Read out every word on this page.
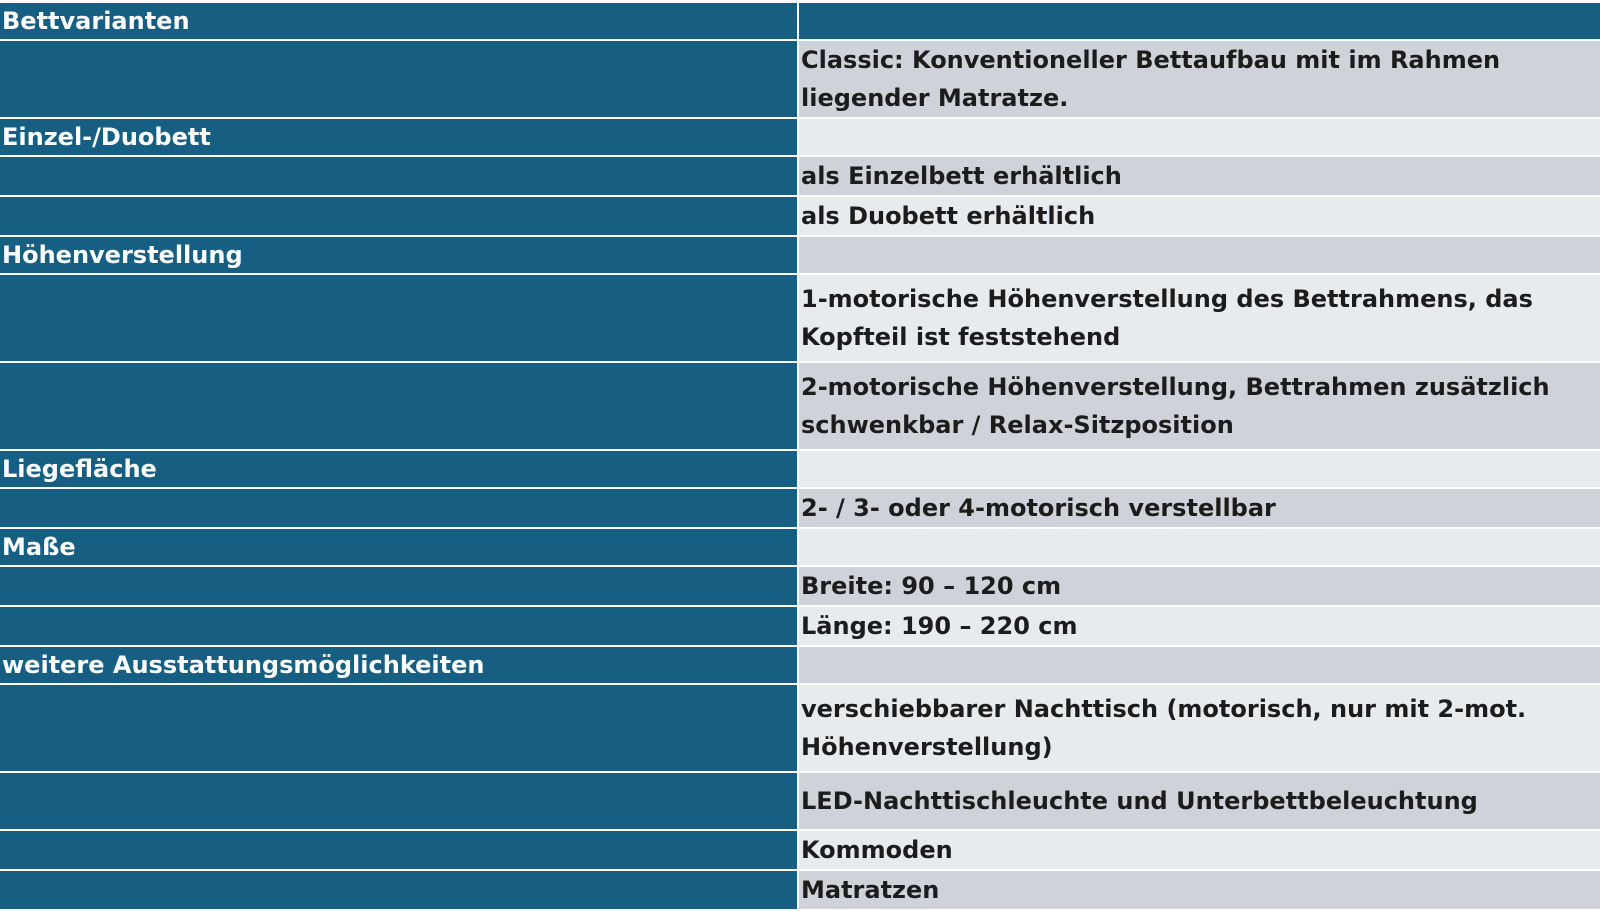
Bettvarianten	

	Classic: Konventioneller Bettaufbau mit im Rahmen liegender Matratze.

Einzel-/Duobett	

	als Einzelbett erhältlich

	als Duobett erhältlich

Höhenverstellung	

	1-motorische Höhenverstellung des Bettrahmens, das Kopfteil ist feststehend

	2-motorische Höhenverstellung, Bettrahmen zusätzlich schwenkbar / Relax-Sitzposition

Liegefläche	

	2- / 3- oder 4-motorisch verstellbar

Maße	

	Breite: 90 – 120 cm

	Länge: 190 – 220 cm

weitere Ausstattungsmöglichkeiten	

	verschiebbarer Nachttisch (motorisch, nur mit 2-mot. Höhenverstellung)

	LED-Nachttischleuchte und Unterbettbeleuchtung

	Kommoden

	Matratzen
